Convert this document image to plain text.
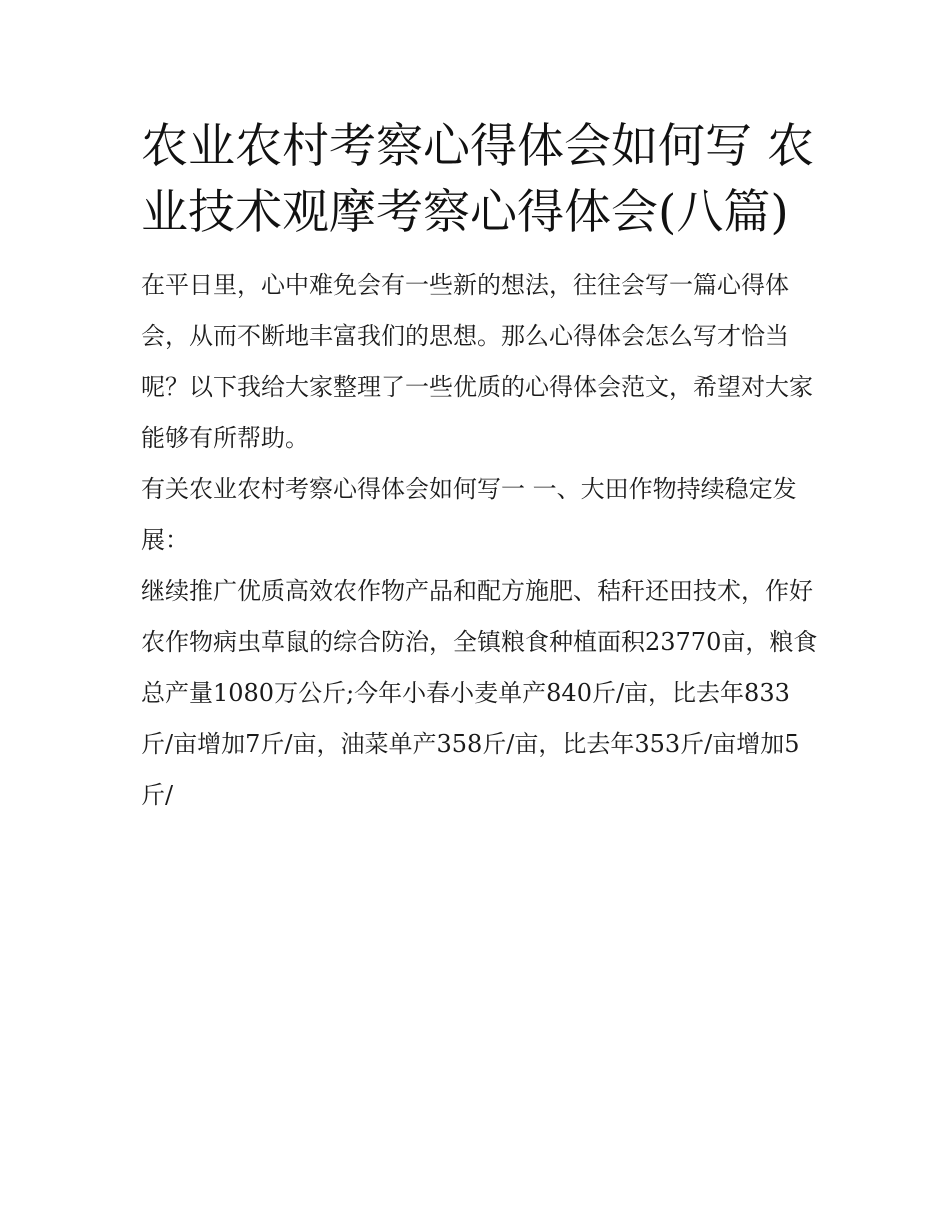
农业农村考察心得体会如何写 农业技术观摩考察心得体会(八篇)

在平日里，心中难免会有一些新的想法，往往会写一篇心得体会，从而不断地丰富我们的思想。那么心得体会怎么写才恰当呢？以下我给大家整理了一些优质的心得体会范文，希望对大家能够有所帮助。

有关农业农村考察心得体会如何写一 一、大田作物持续稳定发展：

继续推广优质高效农作物产品和配方施肥、秸秆还田技术，作好农作物病虫草鼠的综合防治，全镇粮食种植面积23770亩，粮食总产量1080万公斤;今年小春小麦单产840斤/亩，比去年833斤/亩增加7斤/亩，油菜单产358斤/亩，比去年353斤/亩增加5斤/
